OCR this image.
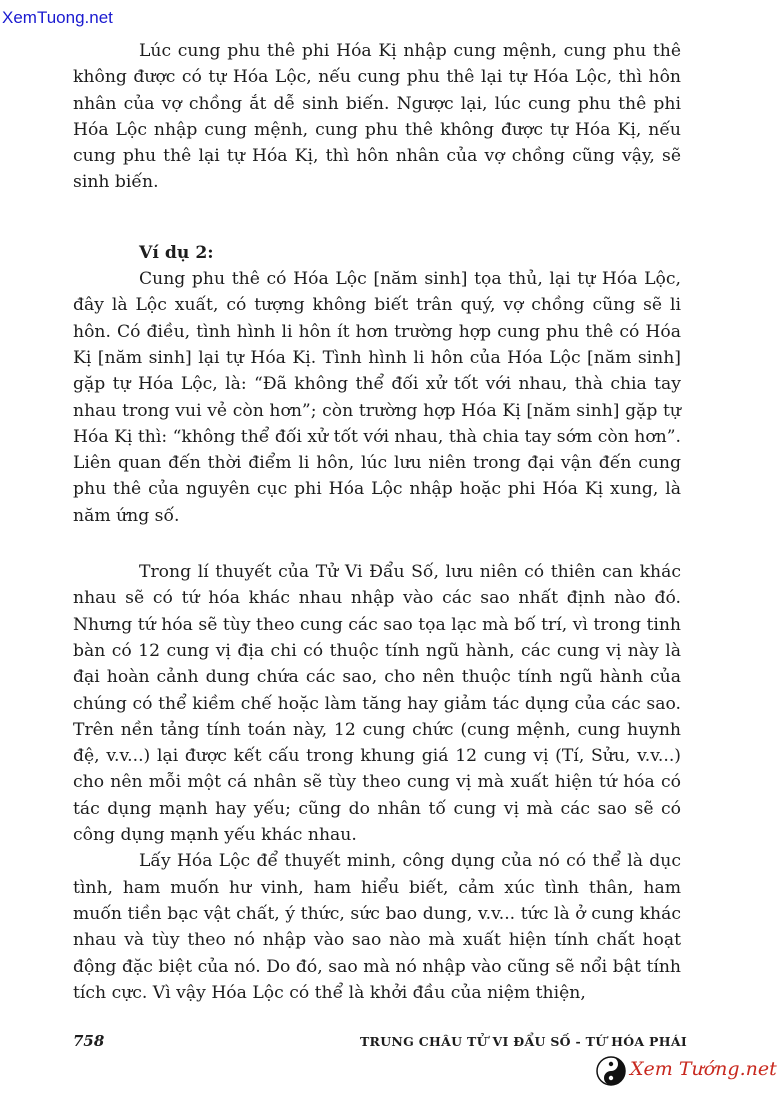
XemTuong.net

Lúc cung phu thê phi Hóa Kị nhập cung mệnh, cung phu thê không được có tự Hóa Lộc, nếu cung phu thê lại tự Hóa Lộc, thì hôn nhân của vợ chồng ắt dễ sinh biến. Ngược lại, lúc cung phu thê phi Hóa Lộc nhập cung mệnh, cung phu thê không được tự Hóa Kị, nếu cung phu thê lại tự Hóa Kị, thì hôn nhân của vợ chồng cũng vậy, sẽ sinh biến.

Ví dụ 2:

Cung phu thê có Hóa Lộc [năm sinh] tọa thủ, lại tự Hóa Lộc, đây là Lộc xuất, có tượng không biết trân quý, vợ chồng cũng sẽ li hôn. Có điều, tình hình li hôn ít hơn trường hợp cung phu thê có Hóa Kị [năm sinh] lại tự Hóa Kị. Tình hình li hôn của Hóa Lộc [năm sinh] gặp tự Hóa Lộc, là: “Đã không thể đối xử tốt với nhau, thà chia tay nhau trong vui vẻ còn hơn”; còn trường hợp Hóa Kị [năm sinh] gặp tự Hóa Kị thì: “không thể đối xử tốt với nhau, thà chia tay sớm còn hơn”. Liên quan đến thời điểm li hôn, lúc lưu niên trong đại vận đến cung phu thê của nguyên cục phi Hóa Lộc nhập hoặc phi Hóa Kị xung, là năm ứng số.

Trong lí thuyết của Tử Vi Đẩu Số, lưu niên có thiên can khác nhau sẽ có tứ hóa khác nhau nhập vào các sao nhất định nào đó. Nhưng tứ hóa sẽ tùy theo cung các sao tọa lạc mà bố trí, vì trong tinh bàn có 12 cung vị địa chi có thuộc tính ngũ hành, các cung vị này là đại hoàn cảnh dung chứa các sao, cho nên thuộc tính ngũ hành của chúng có thể kiềm chế hoặc làm tăng hay giảm tác dụng của các sao. Trên nền tảng tính toán này, 12 cung chức (cung mệnh, cung huynh đệ, v.v...) lại được kết cấu trong khung giá 12 cung vị (Tí, Sửu, v.v...) cho nên mỗi một cá nhân sẽ tùy theo cung vị mà xuất hiện tứ hóa có tác dụng mạnh hay yếu; cũng do nhân tố cung vị mà các sao sẽ có công dụng mạnh yếu khác nhau.

Lấy Hóa Lộc để thuyết minh, công dụng của nó có thể là dục tình, ham muốn hư vinh, ham hiểu biết, cảm xúc tình thân, ham muốn tiền bạc vật chất, ý thức, sức bao dung, v.v... tức là ở cung khác nhau và tùy theo nó nhập vào sao nào mà xuất hiện tính chất hoạt động đặc biệt của nó. Do đó, sao mà nó nhập vào cũng sẽ nổi bật tính tích cực. Vì vậy Hóa Lộc có thể là khởi đầu của niệm thiện,

758	TRUNG CHÂU TỬ VI ĐẨU SỐ - TỨ HÓA PHÁI
Xem Tướng.net
